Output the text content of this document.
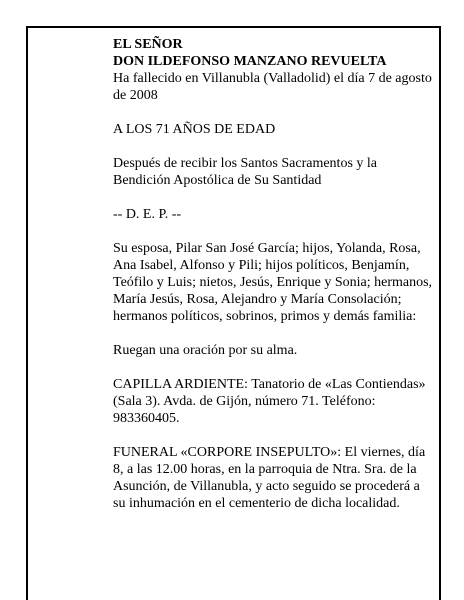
EL SEÑOR
DON ILDEFONSO MANZANO REVUELTA
Ha fallecido en Villanubla (Valladolid) el día 7 de agosto de 2008

A LOS 71 AÑOS DE EDAD

Después de recibir los Santos Sacramentos y la Bendición Apostólica de Su Santidad

-- D. E. P. --

Su esposa, Pilar San José García; hijos, Yolanda, Rosa, Ana Isabel, Alfonso y Pili; hijos políticos, Benjamín, Teófilo y Luis; nietos, Jesús, Enrique y Sonia; hermanos, María Jesús, Rosa, Alejandro y María Consolación; hermanos políticos, sobrinos, primos y demás familia:

Ruegan una oración por su alma.

CAPILLA ARDIENTE: Tanatorio de «Las Contiendas» (Sala 3). Avda. de Gijón, número 71. Teléfono: 983360405.

FUNERAL «CORPORE INSEPULTO»: El viernes, día 8, a las 12.00 horas, en la parroquia de Ntra. Sra. de la Asunción, de Villanubla, y acto seguido se procederá a su inhumación en el cementerio de dicha localidad.
